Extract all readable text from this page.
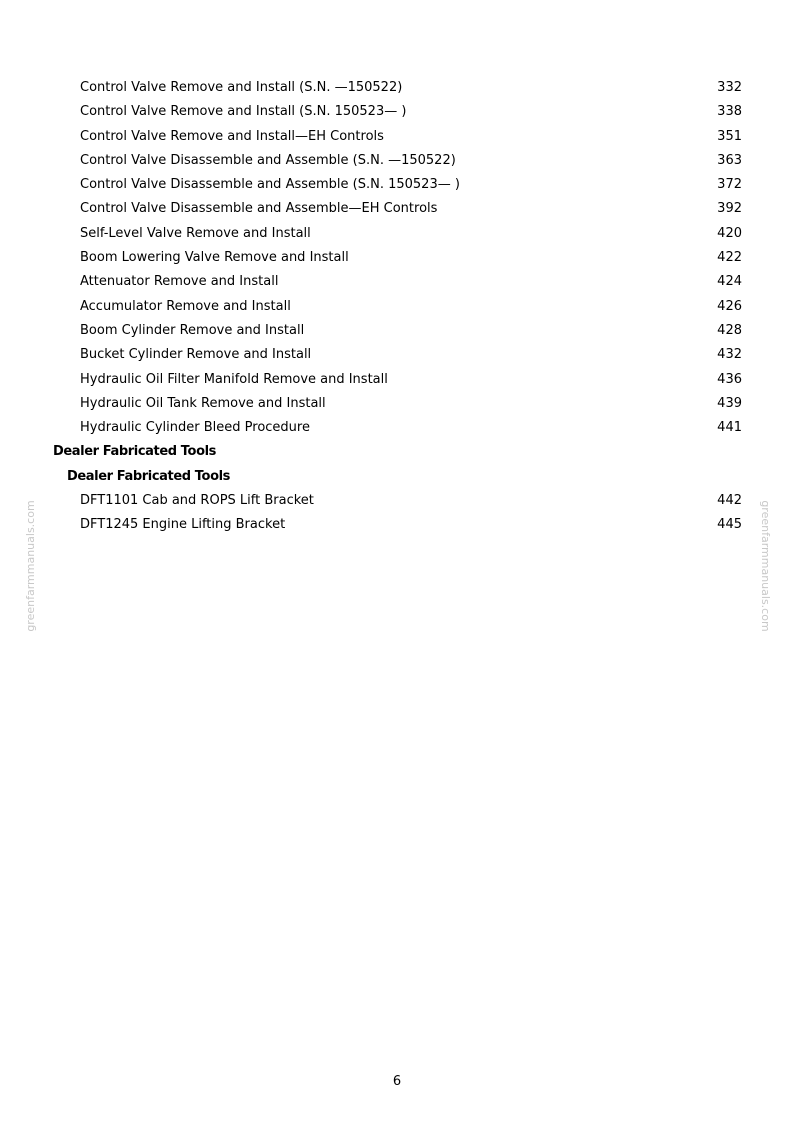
Control Valve Remove and Install (S.N. —150522)	332
Control Valve Remove and Install (S.N. 150523— )	338
Control Valve Remove and Install—EH Controls	351
Control Valve Disassemble and Assemble (S.N. —150522)	363
Control Valve Disassemble and Assemble (S.N. 150523— )	372
Control Valve Disassemble and Assemble—EH Controls	392
Self-Level Valve Remove and Install	420
Boom Lowering Valve Remove and Install	422
Attenuator Remove and Install	424
Accumulator Remove and Install	426
Boom Cylinder Remove and Install	428
Bucket Cylinder Remove and Install	432
Hydraulic Oil Filter Manifold Remove and Install	436
Hydraulic Oil Tank Remove and Install	439
Hydraulic Cylinder Bleed Procedure	441
Dealer Fabricated Tools
Dealer Fabricated Tools
DFT1101 Cab and ROPS Lift Bracket	442
DFT1245 Engine Lifting Bracket	445
greenfarmmanuals.com	greenfarmmanuals.com
6
